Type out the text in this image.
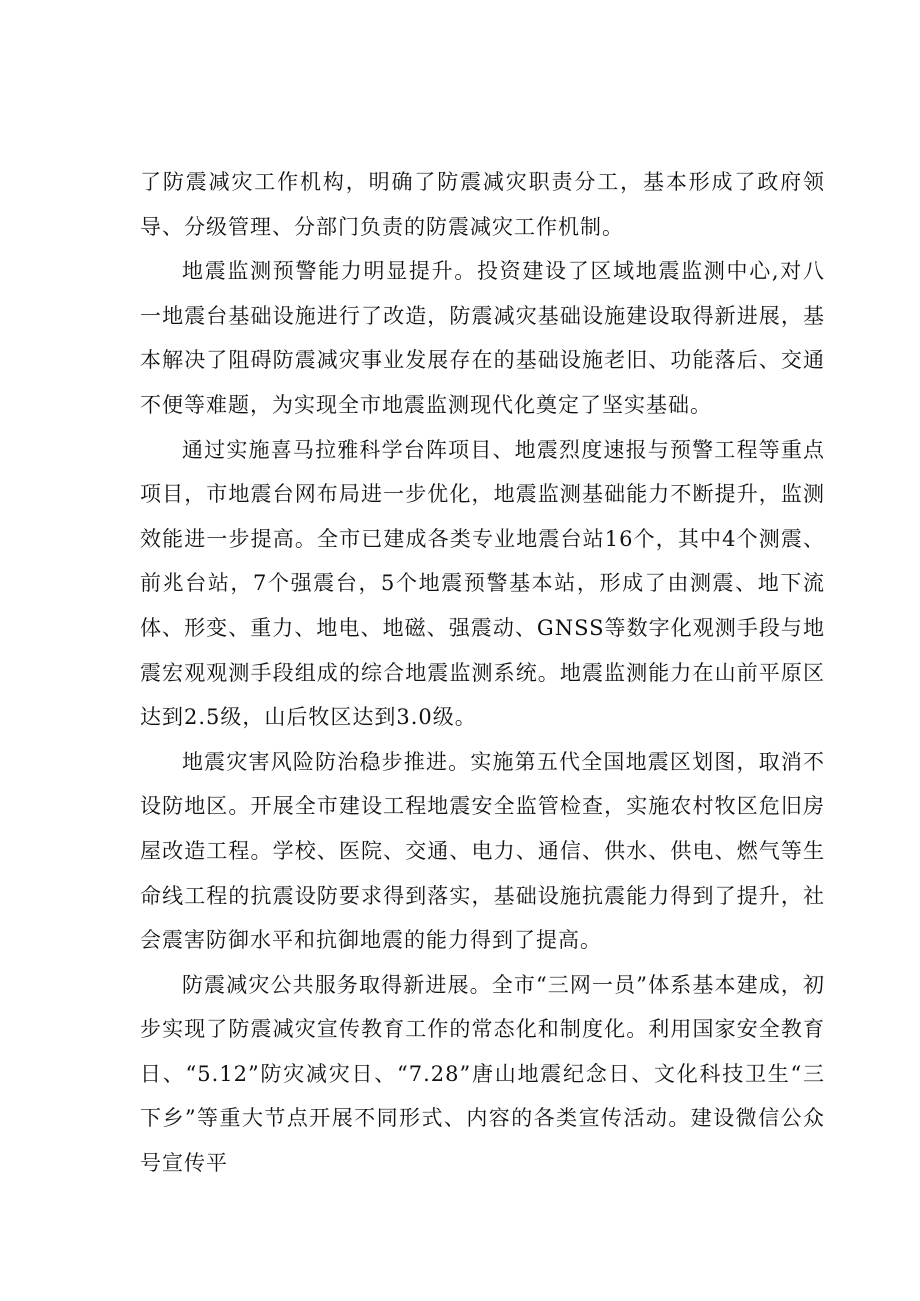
了防震减灾工作机构，明确了防震减灾职责分工，基本形成了政府领导、分级管理、分部门负责的防震减灾工作机制。

地震监测预警能力明显提升。投资建设了区域地震监测中心,对八一地震台基础设施进行了改造，防震减灾基础设施建设取得新进展，基本解决了阻碍防震减灾事业发展存在的基础设施老旧、功能落后、交通不便等难题，为实现全市地震监测现代化奠定了坚实基础。

通过实施喜马拉雅科学台阵项目、地震烈度速报与预警工程等重点项目，市地震台网布局进一步优化，地震监测基础能力不断提升，监测效能进一步提高。全市已建成各类专业地震台站16个，其中4个测震、前兆台站，7个强震台，5个地震预警基本站，形成了由测震、地下流体、形变、重力、地电、地磁、强震动、GNSS等数字化观测手段与地震宏观观测手段组成的综合地震监测系统。地震监测能力在山前平原区达到2.5级，山后牧区达到3.0级。

地震灾害风险防治稳步推进。实施第五代全国地震区划图，取消不设防地区。开展全市建设工程地震安全监管检查，实施农村牧区危旧房屋改造工程。学校、医院、交通、电力、通信、供水、供电、燃气等生命线工程的抗震设防要求得到落实，基础设施抗震能力得到了提升，社会震害防御水平和抗御地震的能力得到了提高。

防震减灾公共服务取得新进展。全市“三网一员”体系基本建成，初步实现了防震减灾宣传教育工作的常态化和制度化。利用国家安全教育日、“5.12”防灾减灾日、“7.28”唐山地震纪念日、文化科技卫生“三下乡”等重大节点开展不同形式、内容的各类宣传活动。建设微信公众号宣传平
